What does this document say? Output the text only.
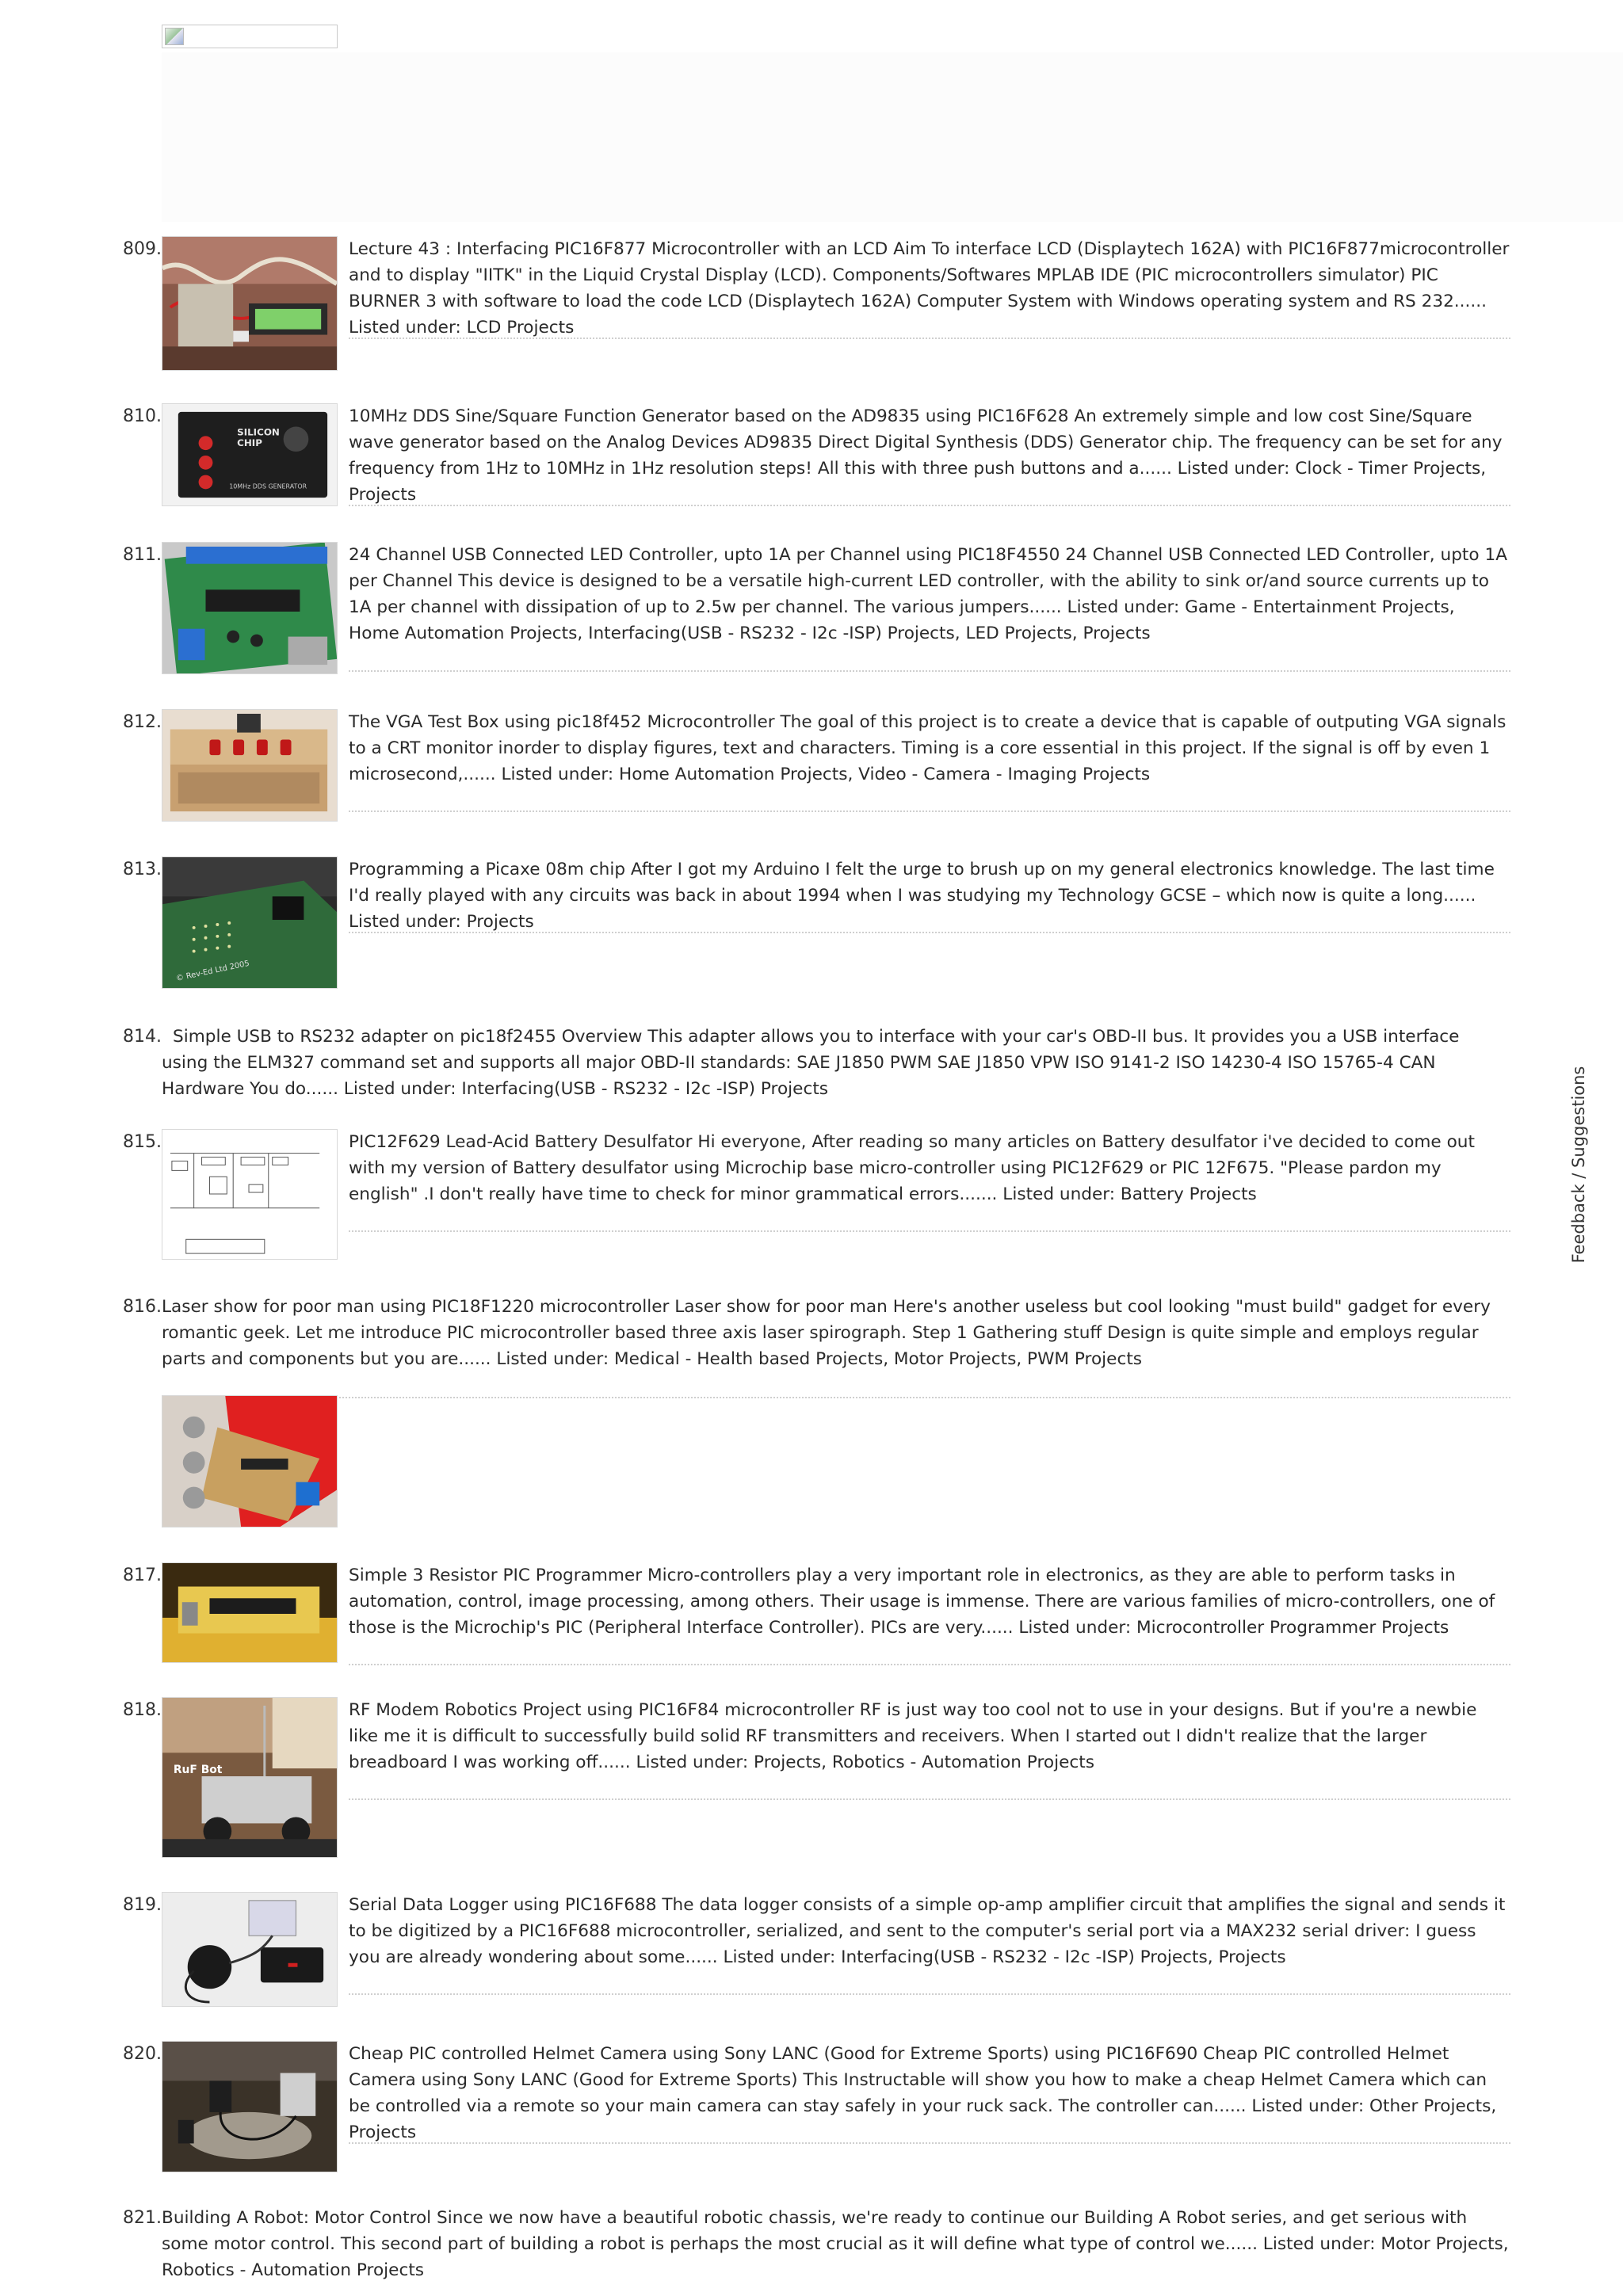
809.	Lecture 43 : Interfacing PIC16F877 Microcontroller with an LCD Aim To interface LCD (Displaytech 162A) with PIC16F877microcontroller and to display "IITK" in the Liquid Crystal Display (LCD). Components/Softwares MPLAB IDE (PIC microcontrollers simulator) PIC BURNER 3 with software to load the code LCD (Displaytech 162A) Computer System with Windows operating system and RS 232...... Listed under: LCD Projects

810.
SILICON
CHIP
10MHz DDS GENERATOR

10MHz DDS Sine/Square Function Generator based on the AD9835 using PIC16F628 An extremely simple and low cost Sine/Square wave generator based on the Analog Devices AD9835 Direct Digital Synthesis (DDS) Generator chip. The frequency can be set for any frequency from 1Hz to 10MHz in 1Hz resolution steps! All this with three push buttons and a...... Listed under: Clock - Timer Projects, Projects

811.	24 Channel USB Connected LED Controller, upto 1A per Channel using PIC18F4550 24 Channel USB Connected LED Controller, upto 1A per Channel This device is designed to be a versatile high-current LED controller, with the ability to sink or/and source currents up to 1A per channel with dissipation of up to 2.5w per channel. The various jumpers...... Listed under: Game - Entertainment Projects, Home Automation Projects, Interfacing(USB - RS232 - I2c -ISP) Projects, LED Projects, Projects

812.	The VGA Test Box using pic18f452 Microcontroller The goal of this project is to create a device that is capable of outputing VGA signals to a CRT monitor inorder to display figures, text and characters. Timing is a core essential in this project. If the signal is off by even 1 microsecond,...... Listed under: Home Automation Projects, Video - Camera - Imaging Projects

813.
© Rev-Ed Ltd 2005

Programming a Picaxe 08m chip After I got my Arduino I felt the urge to brush up on my general electronics knowledge. The last time I'd really played with any circuits was back in about 1994 when I was studying my Technology GCSE – which now is quite a long...... Listed under: Projects

814. Simple USB to RS232 adapter on pic18f2455 Overview This adapter allows you to interface with your car's OBD-II bus. It provides you a USB interface using the ELM327 command set and supports all major OBD-II standards: SAE J1850 PWM SAE J1850 VPW ISO 9141-2 ISO 14230-4 ISO 15765-4 CAN Hardware You do...... Listed under: Interfacing(USB - RS232 - I2c -ISP) Projects

815.	PIC12F629 Lead-Acid Battery Desulfator Hi everyone, After reading so many articles on Battery desulfator i've decided to come out with my version of Battery desulfator using Microchip base micro-controller using PIC12F629 or PIC 12F675. "Please pardon my english" .I don't really have time to check for minor grammatical errors....... Listed under: Battery Projects

816. Laser show for poor man using PIC18F1220 microcontroller Laser show for poor man Here's another useless but cool looking "must build" gadget for every romantic geek. Let me introduce PIC microcontroller based three axis laser spirograph. Step 1 Gathering stuff Design is quite simple and employs regular parts and components but you are...... Listed under: Medical - Health based Projects, Motor Projects, PWM Projects

817.	Simple 3 Resistor PIC Programmer Micro-controllers play a very important role in electronics, as they are able to perform tasks in automation, control, image processing, among others. Their usage is immense. There are various families of micro-controllers, one of those is the Microchip's PIC (Peripheral Interface Controller). PICs are very...... Listed under: Microcontroller Programmer Projects

818.
RuF Bot

RF Modem Robotics Project using PIC16F84 microcontroller RF is just way too cool not to use in your designs. But if you're a newbie like me it is difficult to successfully build solid RF transmitters and receivers. When I started out I didn't realize that the larger breadboard I was working off...... Listed under: Projects, Robotics - Automation Projects

819.	Serial Data Logger using PIC16F688 The data logger consists of a simple op-amp amplifier circuit that amplifies the signal and sends it to be digitized by a PIC16F688 microcontroller, serialized, and sent to the computer's serial port via a MAX232 serial driver: I guess you are already wondering about some...... Listed under: Interfacing(USB - RS232 - I2c -ISP) Projects, Projects

820.	Cheap PIC controlled Helmet Camera using Sony LANC (Good for Extreme Sports) using PIC16F690 Cheap PIC controlled Helmet Camera using Sony LANC (Good for Extreme Sports) This Instructable will show you how to make a cheap Helmet Camera which can be controlled via a remote so your main camera can stay safely in your ruck sack. The controller can...... Listed under: Other Projects, Projects

821. Building A Robot: Motor Control Since we now have a beautiful robotic chassis, we're ready to continue our Building A Robot series, and get serious with some motor control. This second part of building a robot is perhaps the most crucial as it will define what type of control we...... Listed under: Motor Projects, Robotics - Automation Projects

Feedback / Suggestions
